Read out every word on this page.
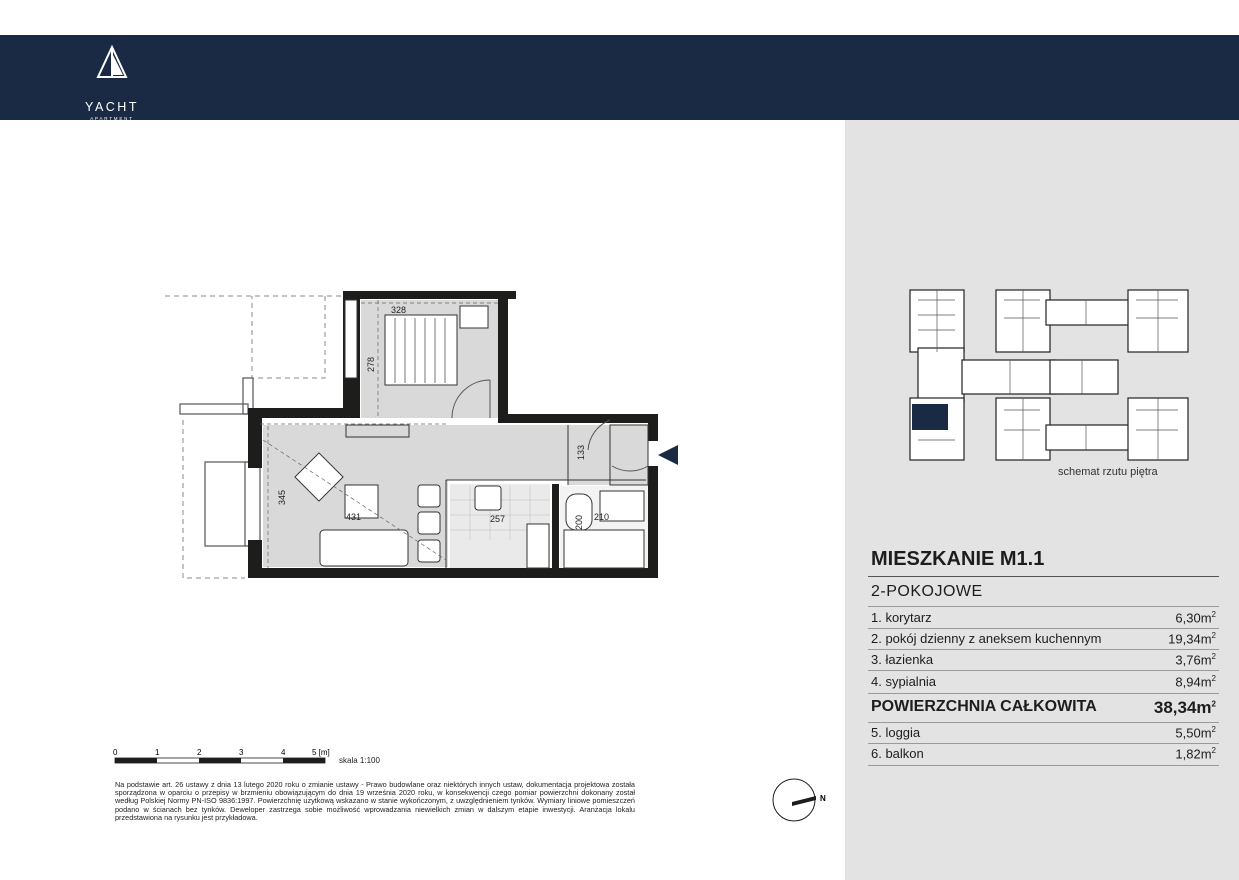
YACHT
APARTMENT
328
278
431
345
257
133
210
200
schemat rzutu piętra
MIESZKANIE M1.1
2-POKOJOWE
1. korytarz	$6,30m^2$
2. pokój dzienny z aneksem kuchennym	$19,34m^2$
3. łazienka	$3,76m^2$
4. sypialnia	$8,94m^2$
POWIERZCHNIA CAŁKOWITA	$38,34m^2$
5. loggia	$5,50m^2$
6. balkon	$1,82m^2$
0	1	2	3	4	5 [m]
skala 1:100
Na podstawie art. 26 ustawy z dnia 13 lutego 2020 roku o zmianie ustawy - Prawo budowlane oraz niektórych innych ustaw, dokumentacja projektowa została sporządzona w oparciu o przepisy w brzmieniu obowiązującym do dnia 19 września 2020 roku, w konsekwencji czego pomiar powierzchni dokonany został według Polskiej Normy PN-ISO 9836:1997. Powierzchnię użytkową wskazano w stanie wykończonym, z uwzględnieniem tynków. Wymiary liniowe pomieszczeń podano w ścianach bez tynków. Deweloper zastrzega sobie możliwość wprowadzania niewielkich zmian w dalszym etapie inwestycji. Aranżacja lokalu przedstawiona na rysunku jest przykładowa.
N
